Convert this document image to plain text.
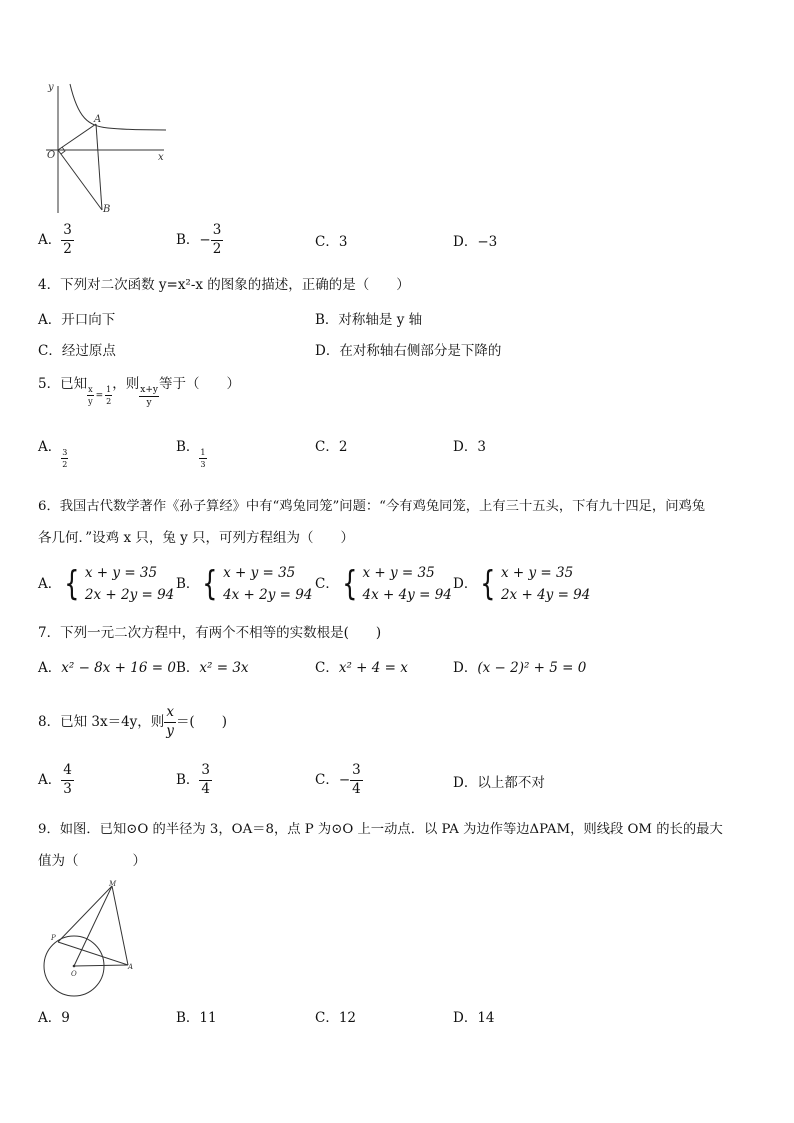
y
x
O
A
B
A． $\frac{3}{2}$	B． − $\frac{3}{2}$	C．3	D．−3
4．下列对二次函数 y=x²-x 的图象的描述，正确的是（　　）
A．开口向下	B．对称轴是 y 轴
C．经过原点	D．在对称轴右侧部分是下降的
5．已知
$\frac{x}{y} = \frac{1}{2}$
，则
$\frac{x+y}{y}$
等于（　　）
A．
$\frac{3}{2}$
B．
$\frac{1}{3}$
C．2	D．3
6．我国古代数学著作《孙子算经》中有“鸡兔同笼”问题：“今有鸡兔同笼，上有三十五头，下有九十四足，问鸡兔
各几何．”设鸡 x 只，兔 y 只，可列方程组为（　　）
A． { x + y = 35
2x + 2y = 94
B． { x + y = 35
4x + 2y = 94
C． { x + y = 35
4x + 4y = 94
D． { x + y = 35
2x + 4y = 94
7．下列一元二次方程中，有两个不相等的实数根是(　　)
A．x² − 8x + 16 = 0 B．x² = 3x	C．x² + 4 = x	D．(x − 2)² + 5 = 0
8．已知 3x＝4y，则 $\frac{x}{y}$ ＝(　　)
A． $\frac{4}{3}$	B． $\frac{3}{4}$	C． − $\frac{3}{4}$	D．以上都不对
9．如图．已知⊙O 的半径为 3，OA＝8，点 P 为⊙O 上一动点．以 PA 为边作等边ΔPAM，则线段 OM 的长的最大
值为（　　　　）
M
P
O
A
A．9	B．11	C．12	D．14
